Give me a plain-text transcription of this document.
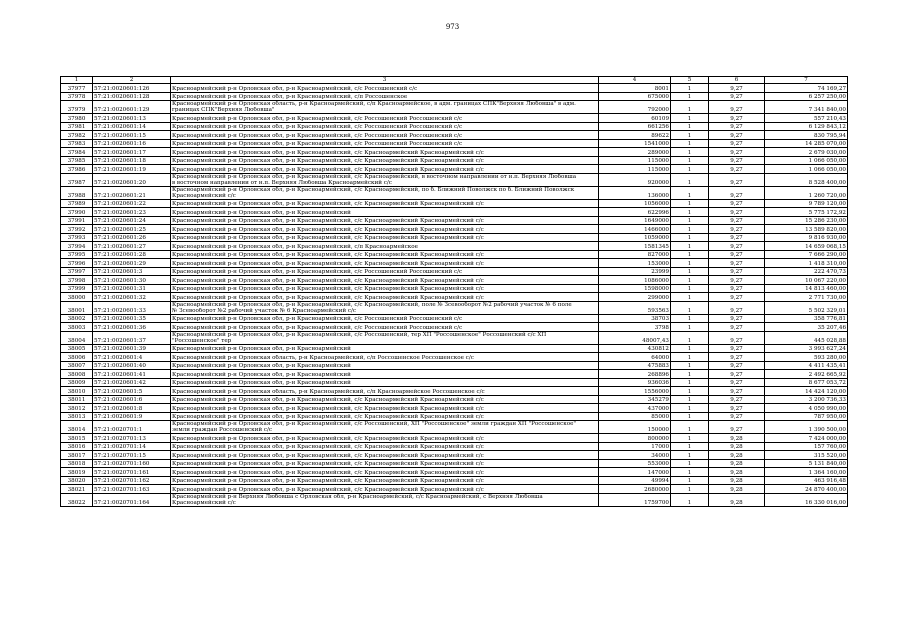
973
1	2	3	4	5	6	7
37977	57:21:0020601:126	Красноармейский р-н Орловская обл, р-н Красноармейский, с/с Россошенский с/с	8001	1	9,27	74 169,27
37978	57:21:0020601:128	Красноармейский р-н Орловская обл, р-н Красноармейский, с/п Россошенское	675000	1	9,27	6 257 250,00
37979	57:21:0020601:129	Красноармейский р-н Орловская область, р-н Красноармейский, с/п Красноармейское, в адм. границах СПК"Верхняя Любовша" в адм.
границах СПК"Верхняя Любовша"	792000	1	9,27	7 341 840,00
37980	57:21:0020601:13	Красноармейский р-н Орловская обл, р-н Красноармейский, с/с Россошенский Россошенский с/с	60109	1	9,27	557 210,43
37981	57:21:0020601:14	Красноармейский р-н Орловская обл, р-н Красноармейский, с/с Россошенский Россошенский с/с	661256	1	9,27	6 129 843,12
37982	57:21:0020601:15	Красноармейский р-н Орловская обл, р-н Красноармейский, с/с Россошенский Россошенский с/с	89622	1	9,27	830 795,94
37983	57:21:0020601:16	Красноармейский р-н Орловская обл, р-н Красноармейский, с/с Россошенский Россошенский с/с	1541000	1	9,27	14 285 070,00
37984	57:21:0020601:17	Красноармейский р-н Орловская обл, р-н Красноармейский, с/с Красноармейский Красноармейский с/с	289000	1	9,27	2 679 030,00
37985	57:21:0020601:18	Красноармейский р-н Орловская обл, р-н Красноармейский, с/с Красноармейский Красноармейский с/с	115000	1	9,27	1 066 050,00
37986	57:21:0020601:19	Красноармейский р-н Орловская обл, р-н Красноармейский, с/с Красноармейский Красноармейский с/с	115000	1	9,27	1 066 050,00
37987	57:21:0020601:20	Красноармейский р-н Орловская обл, р-н Красноармейский, с/с Красноармейский, в восточном направлении от н.п. Верхняя Любовша
в восточном направлении от н.п. Верхняя Любовша Красноармейский с/с	920000	1	9,27	8 528 400,00
37988	57:21:0020601:21	Красноармейский р-н Орловская обл, р-н Красноармейский, с/с Красноармейский, по б. Ближний Поволжск по б. Ближний Поволжск
Красноармейский с/с	136000	1	9,27	1 260 720,00
37989	57:21:0020601:22	Красноармейский р-н Орловская обл, р-н Красноармейский, с/с Красноармейский Красноармейский с/с	1056000	1	9,27	9 789 120,00
37990	57:21:0020601:23	Красноармейский р-н Орловская обл, р-н Красноармейский	622996	1	9,27	5 775 172,92
37991	57:21:0020601:24	Красноармейский р-н Орловская обл, р-н Красноармейский, с/с Красноармейский Красноармейский с/с	1649000	1	9,27	15 286 230,00
37992	57:21:0020601:25	Красноармейский р-н Орловская обл, р-н Красноармейский, с/с Красноармейский Красноармейский с/с	1466000	1	9,27	13 589 820,00
37993	57:21:0020601:26	Красноармейский р-н Орловская обл, р-н Красноармейский, с/с Красноармейский Красноармейский с/с	1059000	1	9,27	9 816 930,00
37994	57:21:0020601:27	Красноармейский р-н Орловская обл, р-н Красноармейский, с/п Красноармейское	1581345	1	9,27	14 659 068,15
37995	57:21:0020601:28	Красноармейский р-н Орловская обл, р-н Красноармейский, с/с Красноармейский Красноармейский с/с	827000	1	9,27	7 666 290,00
37996	57:21:0020601:29	Красноармейский р-н Орловская обл, р-н Красноармейский, с/с Красноармейский Красноармейский с/с	153000	1	9,27	1 418 310,00
37997	57:21:0020601:3	Красноармейский р-н Орловская обл, р-н Красноармейский, с/с Россошенский Россошенский с/с	23999	1	9,27	222 470,73
37998	57:21:0020601:30	Красноармейский р-н Орловская обл, р-н Красноармейский, с/с Красноармейский Красноармейский с/с	1086000	1	9,27	10 067 220,00
37999	57:21:0020601:31	Красноармейский р-н Орловская обл, р-н Красноармейский, с/с Красноармейский Красноармейский с/с	1598000	1	9,27	14 813 460,00
38000	57:21:0020601:32	Красноармейский р-н Орловская обл, р-н Красноармейский, с/с Красноармейский Красноармейский с/с	299000	1	9,27	2 771 730,00
38001	57:21:0020601:33	Красноармейский р-н Орловская обл, р-н Красноармейский, с/с Красноармейский, поле № Зсевооборот №2 рабочий участок № 6 поле
№ Зсевооборот №2 рабочий участок № 6 Красноармейский с/с	593563	1	9,27	5 502 329,01
38002	57:21:0020601:35	Красноармейский р-н Орловская обл, р-н Красноармейский, с/с Россошенский Россошенский с/с	38703	1	9,27	358 776,81
38003	57:21:0020601:36	Красноармейский р-н Орловская обл, р-н Красноармейский, с/с Россошенский Россошенский с/с	3798	1	9,27	35 207,46
38004	57:21:0020601:37	Красноармейский р-н Орловская обл, р-н Красноармейский, с/с Россошенский, тер ХП "Россошенское" Россошенский с/с ХП
"Россошенское" тер	48007,43	1	9,27	445 028,88
38005	57:21:0020601:39	Красноармейский р-н Орловская обл, р-н Красноармейский	430812	1	9,27	3 993 627,24
38006	57:21:0020601:4	Красноармейский р-н Орловская область, р-н Красноармейский, с/п Россошенское Россошенское с/с	64000	1	9,27	593 280,00
38007	57:21:0020601:40	Красноармейский р-н Орловская обл, р-н Красноармейский	475883	1	9,27	4 411 435,41
38008	57:21:0020601:41	Красноармейский р-н Орловская обл, р-н Красноармейский	268896	1	9,27	2 492 665,92
38009	57:21:0020601:42	Красноармейский р-н Орловская обл, р-н Красноармейский	936036	1	9,27	8 677 053,72
38010	57:21:0020601:5	Красноармейский р-н Орловская область, р-н Красноармейский, с/п Красноармейское Россошенское с/с	1556000	1	9,27	14 424 120,00
38011	57:21:0020601:6	Красноармейский р-н Орловская обл, р-н Красноармейский, с/с Красноармейский Красноармейский с/с	345279	1	9,27	3 200 736,33
38012	57:21:0020601:8	Красноармейский р-н Орловская обл, р-н Красноармейский, с/с Красноармейский Красноармейский с/с	437000	1	9,27	4 050 990,00
38013	57:21:0020601:9	Красноармейский р-н Орловская обл, р-н Красноармейский, с/с Красноармейский Красноармейский с/с	85000	1	9,27	787 950,00
38014	57:21:0020701:1	Красноармейский р-н Орловская обл, р-н Красноармейский, с/с Россошенский, ХП "Россошенское" земли граждан ХП "Россошенское"
земли граждан Россошенский с/с	150000	1	9,27	1 390 500,00
38015	57:21:0020701:13	Красноармейский р-н Орловская обл, р-н Красноармейский, с/с Красноармейский Красноармейский с/с	800000	1	9,28	7 424 000,00
38016	57:21:0020701:14	Красноармейский р-н Орловская обл, р-н Красноармейский, с/с Красноармейский Красноармейский с/с	17000	1	9,28	157 760,00
38017	57:21:0020701:15	Красноармейский р-н Орловская обл, р-н Красноармейский, с/с Красноармейский Красноармейский с/с	34000	1	9,28	315 520,00
38018	57:21:0020701:160	Красноармейский р-н Орловская обл, р-н Красноармейский, с/с Красноармейский Красноармейский с/с	553000	1	9,28	5 131 840,00
38019	57:21:0020701:161	Красноармейский р-н Орловская обл, р-н Красноармейский, с/с Красноармейский Красноармейский с/с	147000	1	9,28	1 364 160,00
38020	57:21:0020701:162	Красноармейский р-н Орловская обл, р-н Красноармейский, с/с Красноармейский Красноармейский с/с	49994	1	9,28	463 916,48
38021	57:21:0020701:163	Красноармейский р-н Орловская обл, р-н Красноармейский, с/с Красноармейский Красноармейский с/с	2680000	1	9,28	24 870 400,00
38022	57:21:0020701:164	Красноармейский р-н Верхняя Любовша с Орловская обл, р-н Красноармейский, с/с Красноармейский, с Верхняя Любовша
Красноармейский с/с	1759700	1	9,28	16 330 016,00
